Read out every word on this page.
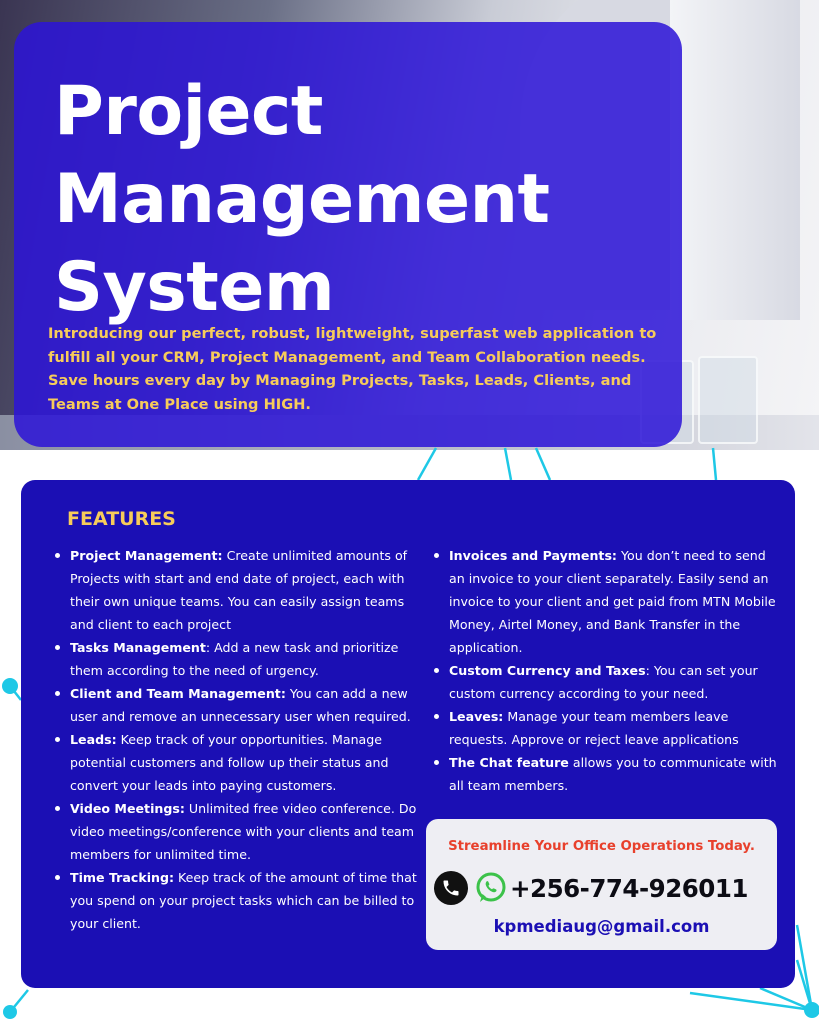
Project
Management
System
Introducing our perfect, robust, lightweight, superfast web application to fulfill all your CRM, Project Management, and Team Collaboration needs. Save hours every day by Managing Projects, Tasks, Leads, Clients, and Teams at One Place using HIGH.
FEATURES
Project Management: Create unlimited amounts of Projects with start and end date of project, each with their own unique teams. You can easily assign teams and client to each project
Tasks Management: Add a new task and prioritize them according to the need of urgency.
Client and Team Management: You can add a new user and remove an unnecessary user when required.
Leads: Keep track of your opportunities. Manage potential customers and follow up their status and convert your leads into paying customers.
Video Meetings: Unlimited free video conference. Do video meetings/conference with your clients and team members for unlimited time.
Time Tracking: Keep track of the amount of time that you spend on your project tasks which can be billed to your client.
Invoices and Payments: You don’t need to send an invoice to your client separately. Easily send an invoice to your client and get paid from MTN Mobile Money, Airtel Money, and Bank Transfer in the application.
Custom Currency and Taxes: You can set your custom currency according to your need.
Leaves: Manage your team members leave requests. Approve or reject leave applications
The Chat feature allows you to communicate with all team members.
Streamline Your Office Operations Today.
+256-774-926011
kpmediaug@gmail.com
